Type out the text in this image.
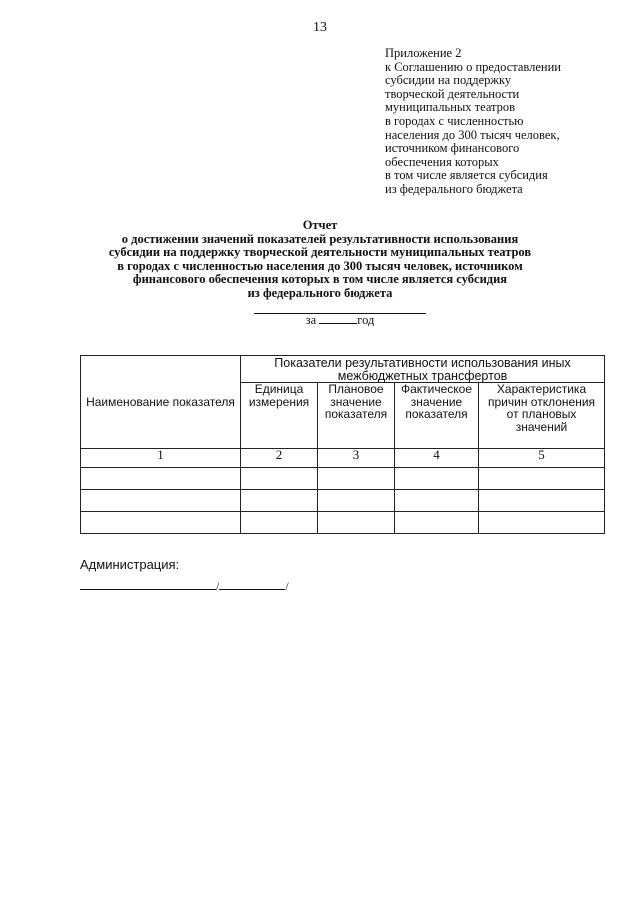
13
Приложение 2
к Соглашению о предоставлении
субсидии на поддержку
творческой деятельности
муниципальных театров
в городах с численностью
населения до 300 тысяч человек,
источником финансового
обеспечения которых
в том числе является субсидия
из федерального бюджета
Отчет
о достижении значений показателей результативности использования
субсидии на поддержку творческой деятельности муниципальных театров
в городах с численностью населения до 300 тысяч человек, источником
финансового обеспечения которых в том числе является субсидия
из федерального бюджета
за	год
Наименование показателя	Показатели результативности использования иных межбюджетных трансфертов			
	Единица измерения	Плановое значение показателя	Фактическое значение показателя	Характеристика причин отклонения от плановых значений
1	2	3	4	5

Администрация:
/	/
